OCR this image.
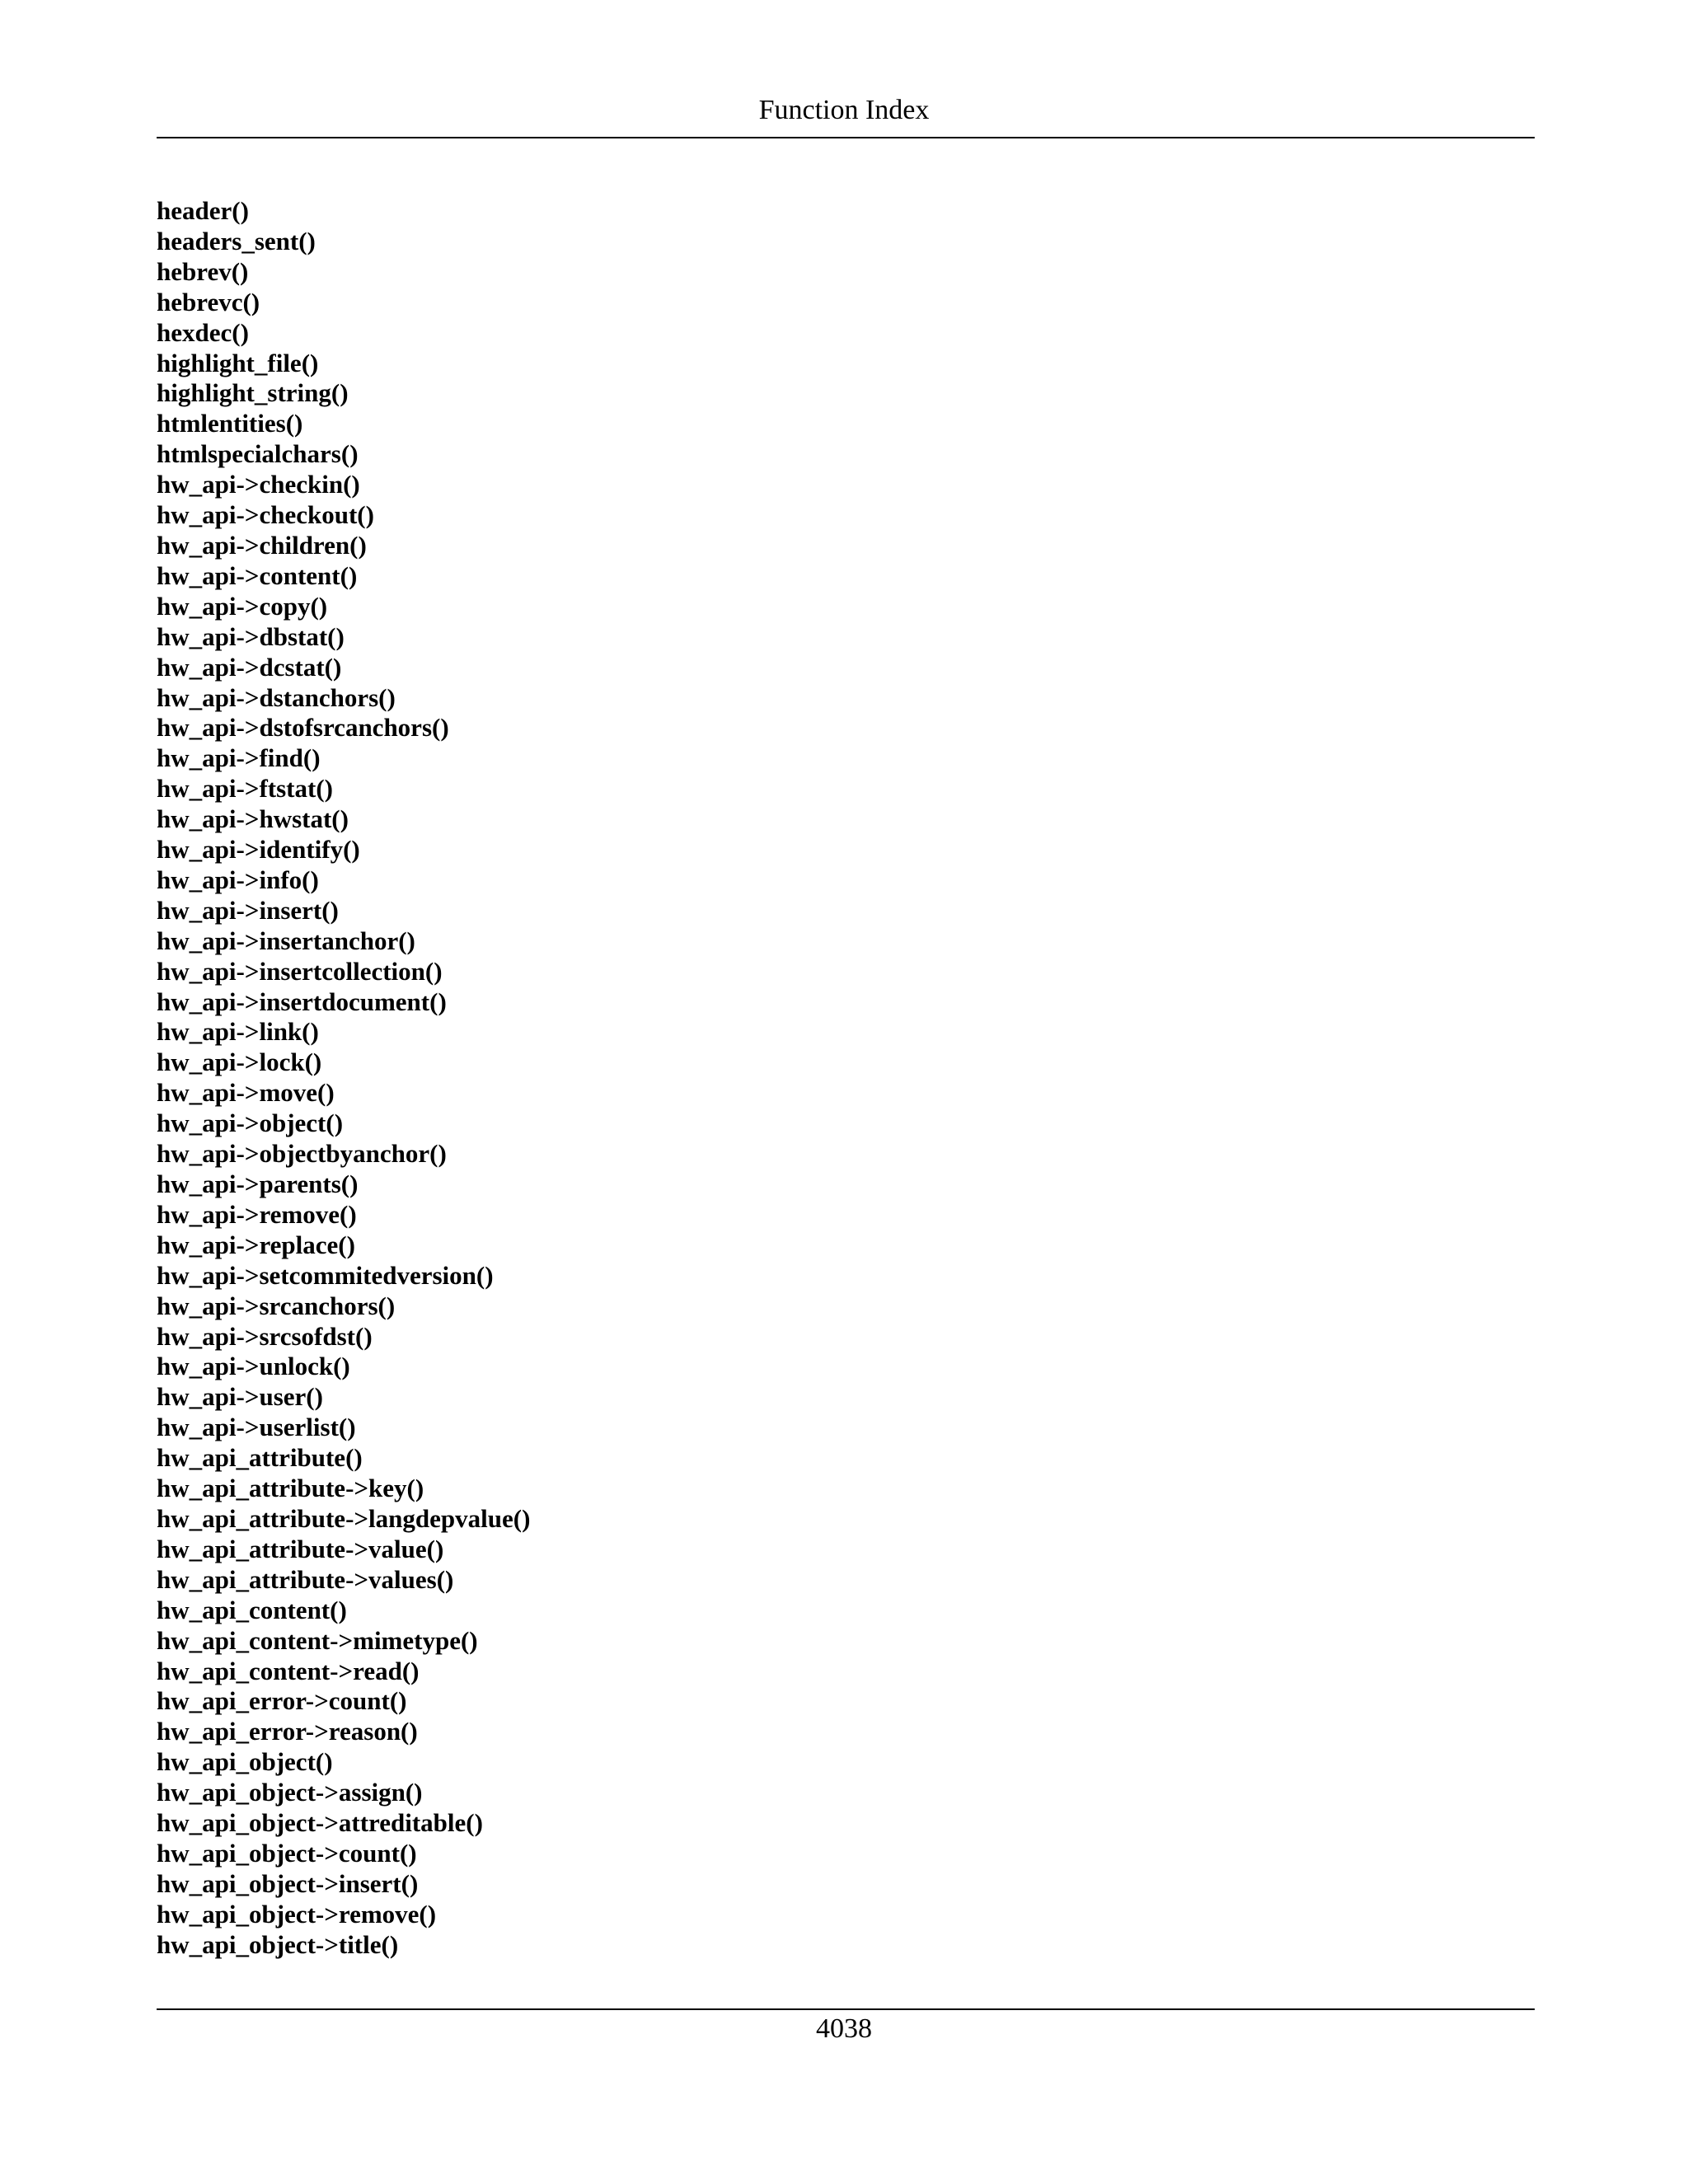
Function Index
header()
headers_sent()
hebrev()
hebrevc()
hexdec()
highlight_file()
highlight_string()
htmlentities()
htmlspecialchars()
hw_api->checkin()
hw_api->checkout()
hw_api->children()
hw_api->content()
hw_api->copy()
hw_api->dbstat()
hw_api->dcstat()
hw_api->dstanchors()
hw_api->dstofsrcanchors()
hw_api->find()
hw_api->ftstat()
hw_api->hwstat()
hw_api->identify()
hw_api->info()
hw_api->insert()
hw_api->insertanchor()
hw_api->insertcollection()
hw_api->insertdocument()
hw_api->link()
hw_api->lock()
hw_api->move()
hw_api->object()
hw_api->objectbyanchor()
hw_api->parents()
hw_api->remove()
hw_api->replace()
hw_api->setcommitedversion()
hw_api->srcanchors()
hw_api->srcsofdst()
hw_api->unlock()
hw_api->user()
hw_api->userlist()
hw_api_attribute()
hw_api_attribute->key()
hw_api_attribute->langdepvalue()
hw_api_attribute->value()
hw_api_attribute->values()
hw_api_content()
hw_api_content->mimetype()
hw_api_content->read()
hw_api_error->count()
hw_api_error->reason()
hw_api_object()
hw_api_object->assign()
hw_api_object->attreditable()
hw_api_object->count()
hw_api_object->insert()
hw_api_object->remove()
hw_api_object->title()
4038
